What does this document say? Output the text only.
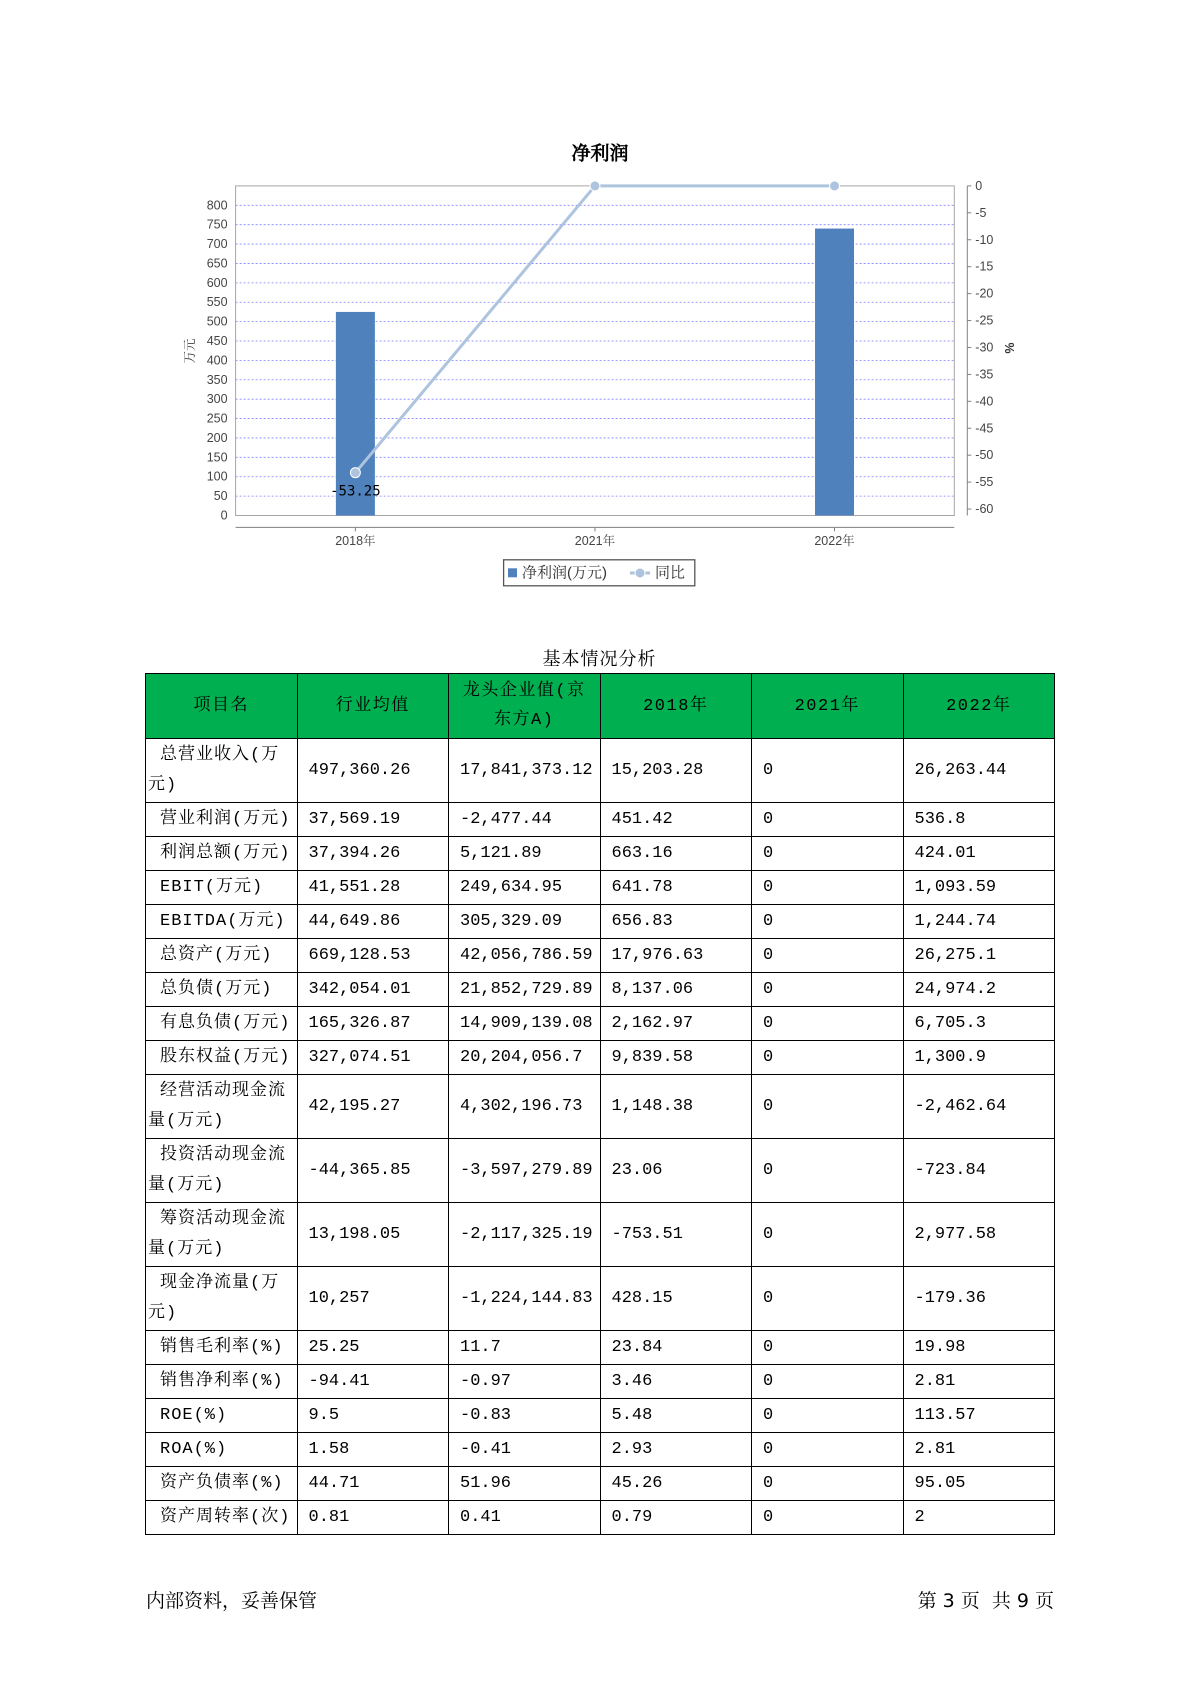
净利润
-53.25
0
50
100
150
200
250
300
350
400
450
500
550
600
650
700
750
800
0
-5
-10
-15
-20
-25
-30
-35
-40
-45
-50
-55
-60
2018年	2021年	2022年
万元	%
净利润(万元)	同比
基本情况分析
项目名	行业均值	龙头企业值(京东方A)	2018年	2021年	2022年
总营业收入(万元)	497,360.26	17,841,373.12	15,203.28	0	26,263.44
营业利润(万元)	37,569.19	-2,477.44	451.42	0	536.8
利润总额(万元)	37,394.26	5,121.89	663.16	0	424.01
EBIT(万元)	41,551.28	249,634.95	641.78	0	1,093.59
EBITDA(万元)	44,649.86	305,329.09	656.83	0	1,244.74
总资产(万元)	669,128.53	42,056,786.59	17,976.63	0	26,275.1
总负债(万元)	342,054.01	21,852,729.89	8,137.06	0	24,974.2
有息负债(万元)	165,326.87	14,909,139.08	2,162.97	0	6,705.3
股东权益(万元)	327,074.51	20,204,056.7	9,839.58	0	1,300.9
经营活动现金流量(万元)	42,195.27	4,302,196.73	1,148.38	0	-2,462.64
投资活动现金流量(万元)	-44,365.85	-3,597,279.89	23.06	0	-723.84
筹资活动现金流量(万元)	13,198.05	-2,117,325.19	-753.51	0	2,977.58
现金净流量(万元)	10,257	-1,224,144.83	428.15	0	-179.36
销售毛利率(%)	25.25	11.7	23.84	0	19.98
销售净利率(%)	-94.41	-0.97	3.46	0	2.81
ROE(%)	9.5	-0.83	5.48	0	113.57
ROA(%)	1.58	-0.41	2.93	0	2.81
资产负债率(%)	44.71	51.96	45.26	0	95.05
资产周转率(次)	0.81	0.41	0.79	0	2
内部资料，妥善保管	第 3 页  共 9 页
